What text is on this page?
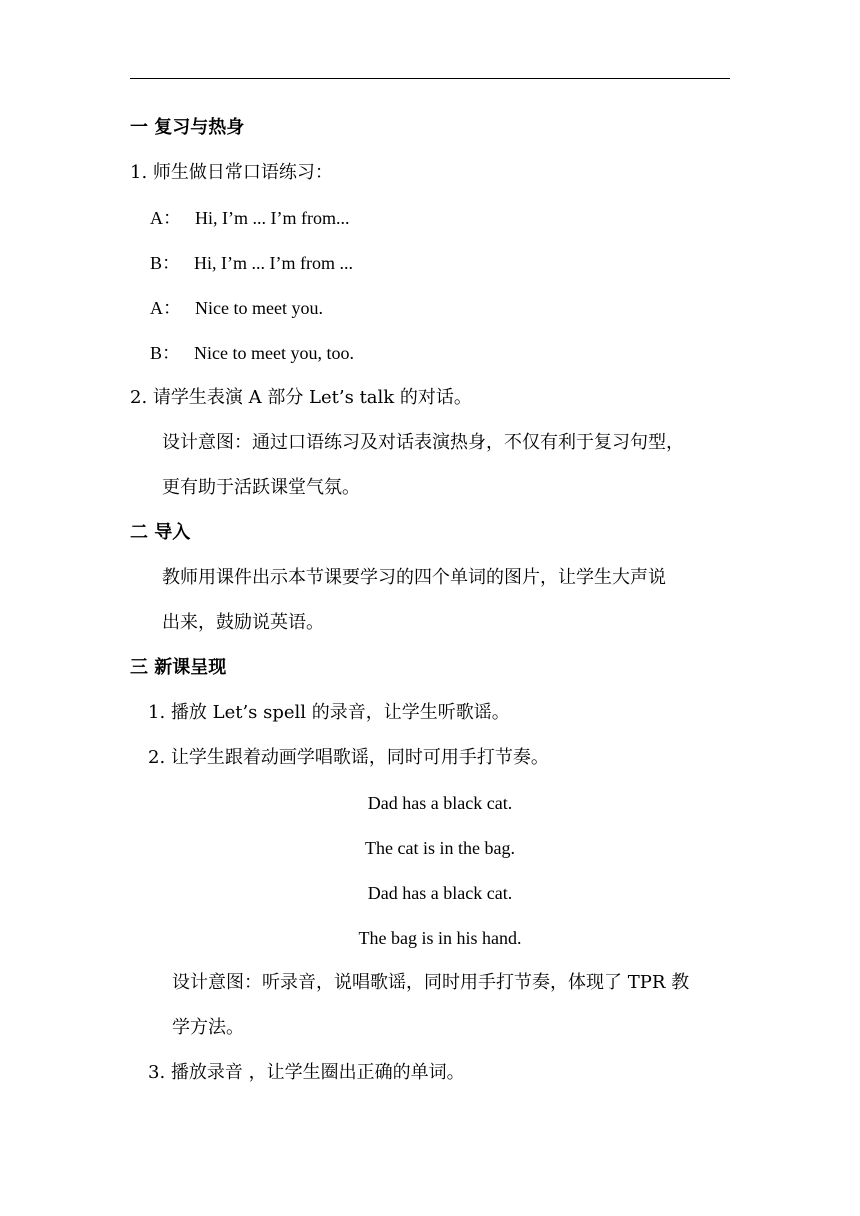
一 复习与热身
1. 师生做日常口语练习：
A： Hi, I’m ... I’m from...
B： Hi, I’m ... I’m from ...
A： Nice to meet you.
B： Nice to meet you, too.
2. 请学生表演 A 部分 Let’s talk 的对话。
设计意图：通过口语练习及对话表演热身，不仅有利于复习句型，
更有助于活跃课堂气氛。
二 导入
教师用课件出示本节课要学习的四个单词的图片，让学生大声说
出来，鼓励说英语。
三 新课呈现
1. 播放 Let’s spell 的录音，让学生听歌谣。
2. 让学生跟着动画学唱歌谣，同时可用手打节奏。
Dad has a black cat.
The cat is in the bag.
Dad has a black cat.
The bag is in his hand.
设计意图：听录音，说唱歌谣，同时用手打节奏，体现了 TPR 教
学方法。
3. 播放录音 ，让学生圈出正确的单词。
